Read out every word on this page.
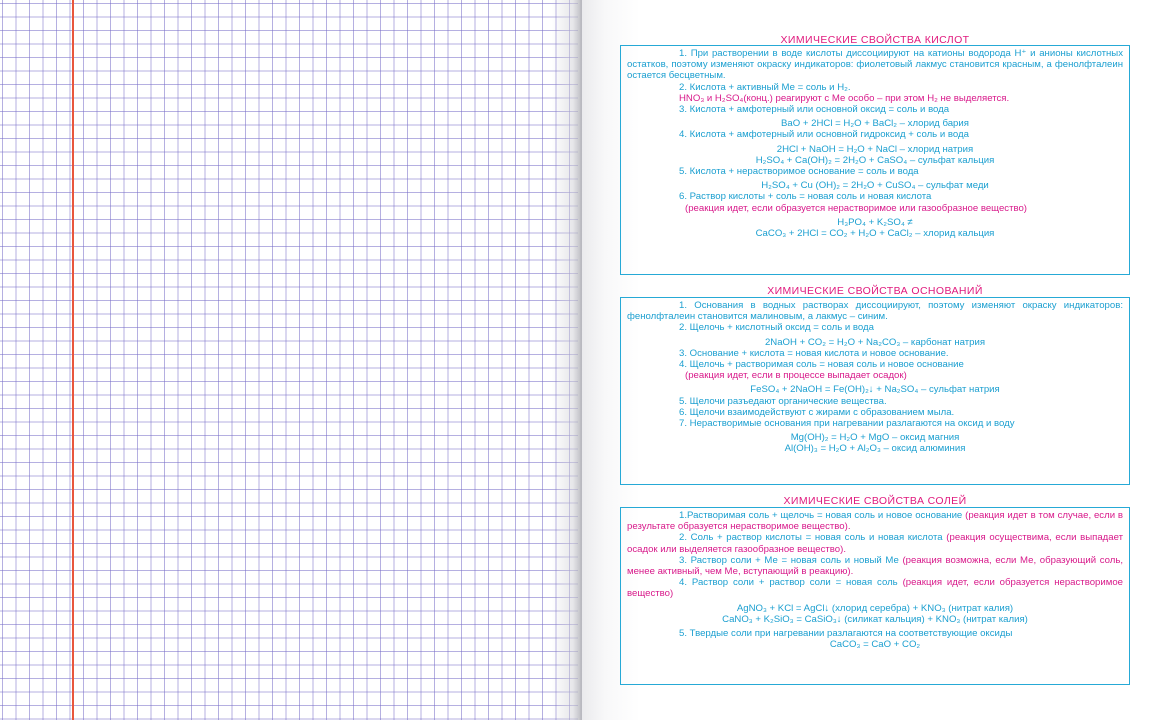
ХИМИЧЕСКИЕ СВОЙСТВА КИСЛОТ
1. При растворении в воде кислоты диссоциируют на катионы водорода H⁺ и анионы кислотных остатков, поэтому изменяют окраску индикаторов: фиолетовый лакмус становится красным, а фенолфталеин остается бесцветным.
2. Кислота + активный Ме = соль и H₂.
HNO₃ и H₂SO₄(конц.) реагируют с Ме особо – при этом H₂ не выделяется.
3. Кислота + амфотерный или основной оксид = соль и вода
BaO + 2HCl = H₂O + BaCl₂ – хлорид бария
4. Кислота + амфотерный или основной гидроксид + соль и вода
2HCl + NaOH = H₂O + NaCl – хлорид натрия
H₂SO₄ + Ca(OH)₂ = 2H₂O + CaSO₄ – сульфат кальция
5. Кислота + нерастворимое основание = соль и вода
H₂SO₄ + Cu (OH)₂ = 2H₂O + CuSO₄ – сульфат меди
6. Раствор кислоты + соль = новая соль и новая кислота
(реакция идет, если образуется нерастворимое или газообразное вещество)
H₃PO₄ + K₂SO₄ ≠
CaCO₃ + 2HCl = CO₂ + H₂O + CaCl₂ – хлорид кальция
ХИМИЧЕСКИЕ СВОЙСТВА ОСНОВАНИЙ
1. Основания в водных растворах диссоциируют, поэтому изменяют окраску индикаторов: фенолфталеин становится малиновым, а лакмус – синим.
2. Щелочь + кислотный оксид = соль и вода
2NaOH + CO₂ = H₂O + Na₂CO₃ – карбонат натрия
3. Основание + кислота = новая кислота и новое основание.
4. Щелочь + растворимая соль = новая соль и новое основание
(реакция идет, если в процессе выпадает осадок)
FeSO₄ + 2NaOH = Fe(OH)₂↓ + Na₂SO₄ – сульфат натрия
5. Щелочи разъедают органические вещества.
6. Щелочи взаимодействуют с жирами с образованием мыла.
7. Нерастворимые основания при нагревании разлагаются на оксид и воду
Mg(OH)₂ = H₂O + MgO – оксид магния
Al(OH)₃ = H₂O + Al₂O₃ – оксид алюминия
ХИМИЧЕСКИЕ СВОЙСТВА СОЛЕЙ
1.Растворимая соль + щелочь = новая соль и новое основание (реакция идет в том случае, если в результате образуется нерастворимое вещество).
2. Соль + раствор кислоты = новая соль и новая кислота (реакция осуществима, если выпадает осадок или выделяется газообразное вещество).
3. Раствор соли + Ме = новая соль и новый Ме (реакция возможна, если Ме, образующий соль, менее активный, чем Ме, вступающий в реакцию).
4. Раствор соли + раствор соли = новая соль (реакция идет, если образуется нерастворимое вещество)
AgNO₃ + KCl = AgCl↓ (хлорид серебра) + KNO₃ (нитрат калия)
CaNO₃ + K₂SiO₃ = CaSiO₃↓ (силикат кальция) + KNO₃ (нитрат калия)
5. Твердые соли при нагревании разлагаются на соответствующие оксиды
CaCO₃ = CaO + CO₂
